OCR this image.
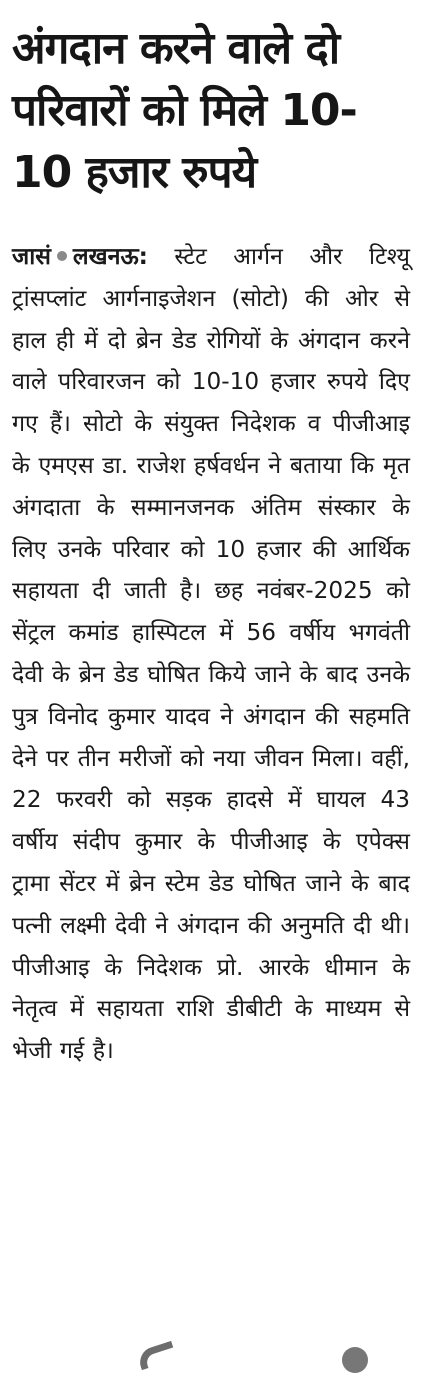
अंगदान करने वाले दो परिवारों को मिले 10-10 हजार रुपये

जासं लखनऊ: स्टेट आर्गन और टिश्यू ट्रांसप्लांट आर्गनाइजेशन (सोटो) की ओर से हाल ही में दो ब्रेन डेड रोगियों के अंगदान करने वाले परिवारजन को 10-10 हजार रुपये दिए गए हैं। सोटो के संयुक्त निदेशक व पीजीआइ के एमएस डा. राजेश हर्षवर्धन ने बताया कि मृत अंगदाता के सम्मानजनक अंतिम संस्कार के लिए उनके परिवार को 10 हजार की आर्थिक सहायता दी जाती है। छह नवंबर-2025 को सेंट्रल कमांड हास्पिटल में 56 वर्षीय भगवंती देवी के ब्रेन डेड घोषित किये जाने के बाद उनके पुत्र विनोद कुमार यादव ने अंगदान की सहमति देने पर तीन मरीजों को नया जीवन मिला। वहीं, 22 फरवरी को सड़क हादसे में घायल 43 वर्षीय संदीप कुमार के पीजीआइ के एपेक्स ट्रामा सेंटर में ब्रेन स्टेम डेड घोषित जाने के बाद पत्नी लक्ष्मी देवी ने अंगदान की अनुमति दी थी। पीजीआइ के निदेशक प्रो. आरके धीमान के नेतृत्व में सहायता राशि डीबीटी के माध्यम से भेजी गई है।
